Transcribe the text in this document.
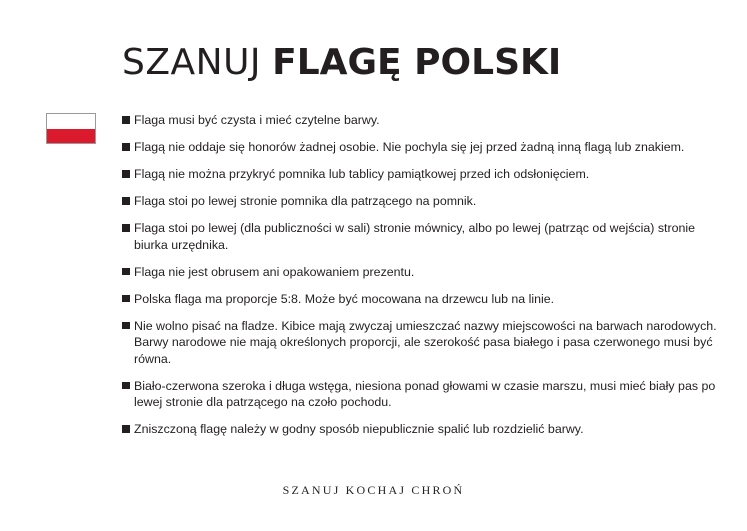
SZANUJ FLAGĘ POLSKI
Flaga musi być czysta i mieć czytelne barwy.
Flagą nie oddaje się honorów żadnej osobie. Nie pochyla się jej przed żadną inną flagą lub znakiem.
Flagą nie można przykryć pomnika lub tablicy pamiątkowej przed ich odsłonięciem.
Flaga stoi po lewej stronie pomnika dla patrzącego na pomnik.
Flaga stoi po lewej (dla publiczności w sali) stronie mównicy, albo po lewej (patrząc od wejścia) stronie biurka urzędnika.
Flaga nie jest obrusem ani opakowaniem prezentu.
Polska flaga ma proporcje 5:8. Może być mocowana na drzewcu lub na linie.
Nie wolno pisać na fladze. Kibice mają zwyczaj umieszczać nazwy miejscowości na barwach narodowych. Barwy narodowe nie mają określonych proporcji, ale szerokość pasa białego i pasa czerwonego musi być równa.
Biało-czerwona szeroka i długa wstęga, niesiona ponad głowami w czasie marszu, musi mieć biały pas po lewej stronie dla patrzącego na czoło pochodu.
Zniszczoną flagę należy w godny sposób niepublicznie spalić lub rozdzielić barwy.
SZANUJ KOCHAJ CHROŃ
